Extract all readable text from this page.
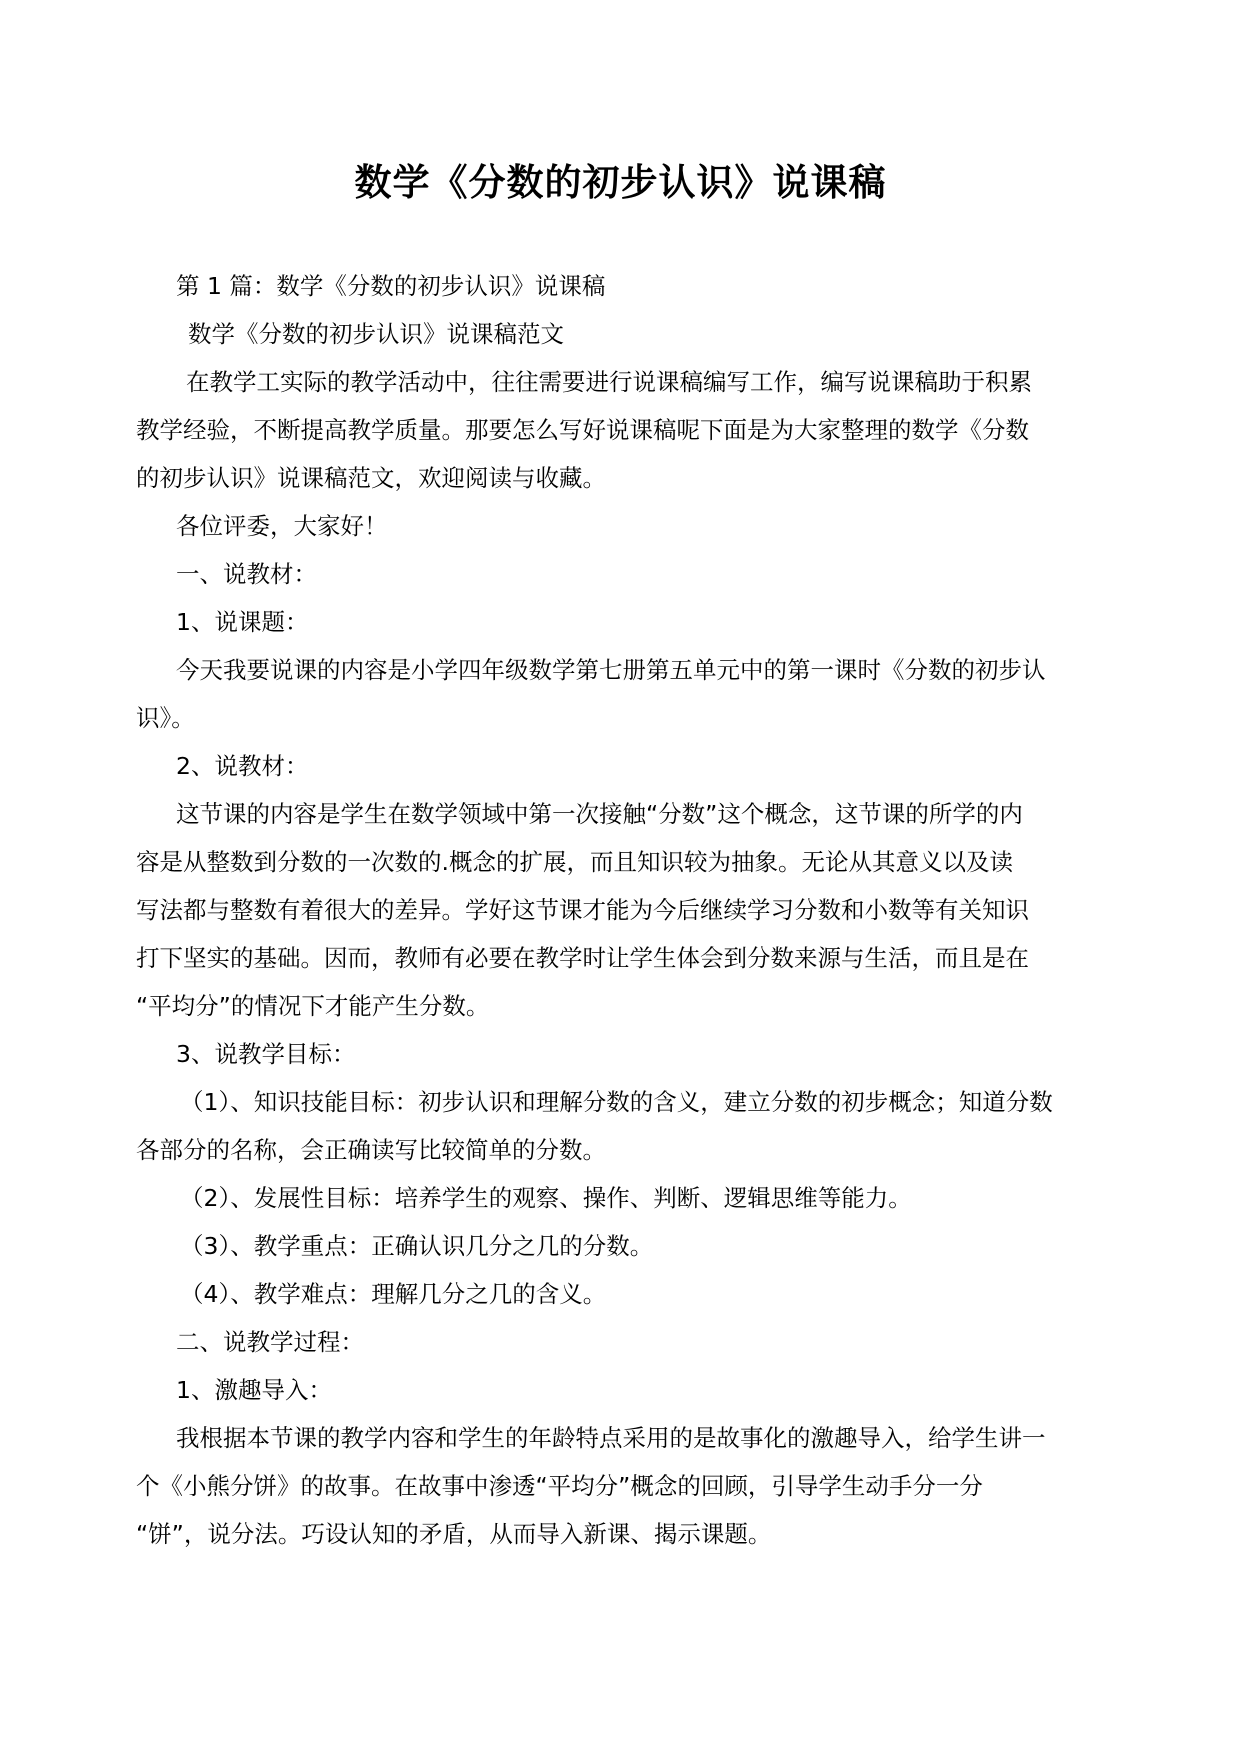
数学《分数的初步认识》说课稿
第 1 篇：数学《分数的初步认识》说课稿
数学《分数的初步认识》说课稿范文
在教学工实际的教学活动中，往往需要进行说课稿编写工作，编写说课稿助于积累
教学经验，不断提高教学质量。那要怎么写好说课稿呢下面是为大家整理的数学《分数
的初步认识》说课稿范文，欢迎阅读与收藏。
各位评委，大家好！
一、说教材：
1、说课题：
今天我要说课的内容是小学四年级数学第七册第五单元中的第一课时《分数的初步认
识》。
2、说教材：
这节课的内容是学生在数学领域中第一次接触“分数”这个概念，这节课的所学的内
容是从整数到分数的一次数的.概念的扩展，而且知识较为抽象。无论从其意义以及读
写法都与整数有着很大的差异。学好这节课才能为今后继续学习分数和小数等有关知识
打下坚实的基础。因而，教师有必要在教学时让学生体会到分数来源与生活，而且是在
“平均分”的情况下才能产生分数。
3、说教学目标：
（1）、知识技能目标：初步认识和理解分数的含义，建立分数的初步概念；知道分数
各部分的名称，会正确读写比较简单的分数。
（2）、发展性目标：培养学生的观察、操作、判断、逻辑思维等能力。
（3）、教学重点：正确认识几分之几的分数。
（4）、教学难点：理解几分之几的含义。
二、说教学过程：
1、激趣导入：
我根据本节课的教学内容和学生的年龄特点采用的是故事化的激趣导入，给学生讲一
个《小熊分饼》的故事。在故事中渗透“平均分”概念的回顾，引导学生动手分一分
“饼”，说分法。巧设认知的矛盾，从而导入新课、揭示课题。
